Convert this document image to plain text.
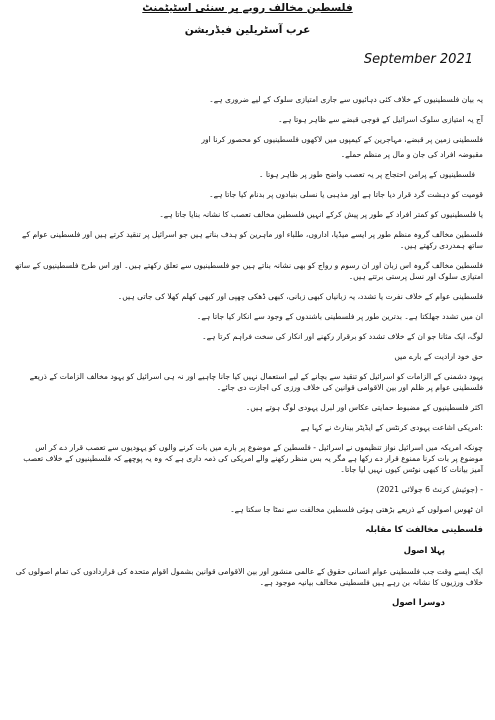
فلسطین مخالف رویے پر سنئی اسٹیٹمنٹ
عرب آسٹریلین فیڈریشن
September 2021

یہ بیان فلسطینیوں کے خلاف کئی دہائیوں سے جاری امتیازی سلوک کے لیے ضروری ہے۔

آج یہ امتیازی سلوک اسرائیل کے فوجی قبضے سے ظاہر ہوتا ہے۔

فلسطینی زمین پر قبضے، مہاجرین کے کیمپوں میں لاکھوں فلسطینیوں کو محصور کرنا اور

مقبوضہ افراد کی جان و مال پر منظم حملے۔

فلسطینیوں کے پرامن احتجاج پر یہ تعصب واضح طور پر ظاہر ہوتا ۔

قومیت کو دہشت گرد قرار دیا جاتا ہے اور مذہبی یا نسلی بنیادوں پر بدنام کیا جاتا ہے۔

یا فلسطینیوں کو کمتر افراد کے طور پر پیش کرکے انہیں فلسطین مخالف تعصب کا نشانہ بنایا جاتا ہے۔

فلسطین مخالف گروہ منظم طور پر ایسے میڈیا، اداروں، طلباء اور ماہرین کو ہدف بناتے ہیں جو اسرائیل پر تنقید کرتے ہیں اور فلسطینی عوام کے ساتھ ہمدردی رکھتے ہیں۔

فلسطین مخالف گروہ اس زبان اور ان رسوم و رواج کو بھی نشانہ بناتے ہیں جو فلسطینیوں سے تعلق رکھتے ہیں۔ اور اس طرح فلسطینیوں کے ساتھ امتیازی سلوک اور نسل پرستی برتتے ہیں۔

فلسطینی عوام کے خلاف نفرت یا تشدد، یہ زبانیاں کبھی زبانی، کبھی ڈھکی چھپی اور کبھی کھلم کھلا کی جاتی ہیں۔

ان میں تشدد جھلکتا ہے۔ بدترین طور پر فلسطینی باشندوں کے وجود سے انکار کیا جاتا ہے۔

لوگ، ایک مثانا جو ان کے خلاف تشدد کو برقرار رکھنے اور انکار کی سخت فراہم کرتا ہے۔

حق خود ارادیت کے بارے میں

یہود دشمنی کے الزامات کو اسرائیل کو تنقید سے بچانے کے لیے استعمال نہیں کیا جانا چاہیے اور نہ ہی اسرائیل کو یہود مخالف الزامات کے ذریعے فلسطینی عوام پر ظلم اور بین الاقوامی قوانین کی خلاف ورزی کی اجازت دی جائے۔

اکثر فلسطینیوں کے مضبوط حمایتی عکاس اور لبرل یہودی لوگ ہوتے ہیں۔

:امریکی اشاعت یہودی کرنٹس کے ایڈیٹر بینارٹ نے کہا ہے

چونکہ امریکہ میں اسرائیل نواز تنظیموں نے اسرائیل - فلسطین کے موضوع پر بارے میں بات کرنے والوں کو یہودیوں سے تعصب قرار دے کر اس موضوع پر بات کرنا ممنوع قرار دے رکھا ہے مگر یہ بس منظر رکھنے والے امریکی کی ذمہ داری ہے کہ وہ یہ پوچھے کہ فلسطینیوں کے خلاف تعصب آمیز بیانات کا کبھی نوٹس کیوں نہیں لیا جاتا۔

- (جوئیش کرنٹ 6 جولائی 2021)

ان ٹھوس اصولوں کے ذریعے بڑھتی ہوئی فلسطین مخالفت سے نمٹا جا سکتا ہے۔

فلسطینی مخالفت کا مقابلہ
پہلا اصول

ایک ایسے وقت جب فلسطینی عوام انسانی حقوق کے عالمی منشور اور بین الاقوامی قوانین بشمول اقوام متحدہ کی قراردادوں کی تمام اصولوں کی خلاف ورزیوں کا نشانہ بن رہے ہیں فلسطینی مخالف بیانیہ موجود ہے۔

دوسرا اصول
